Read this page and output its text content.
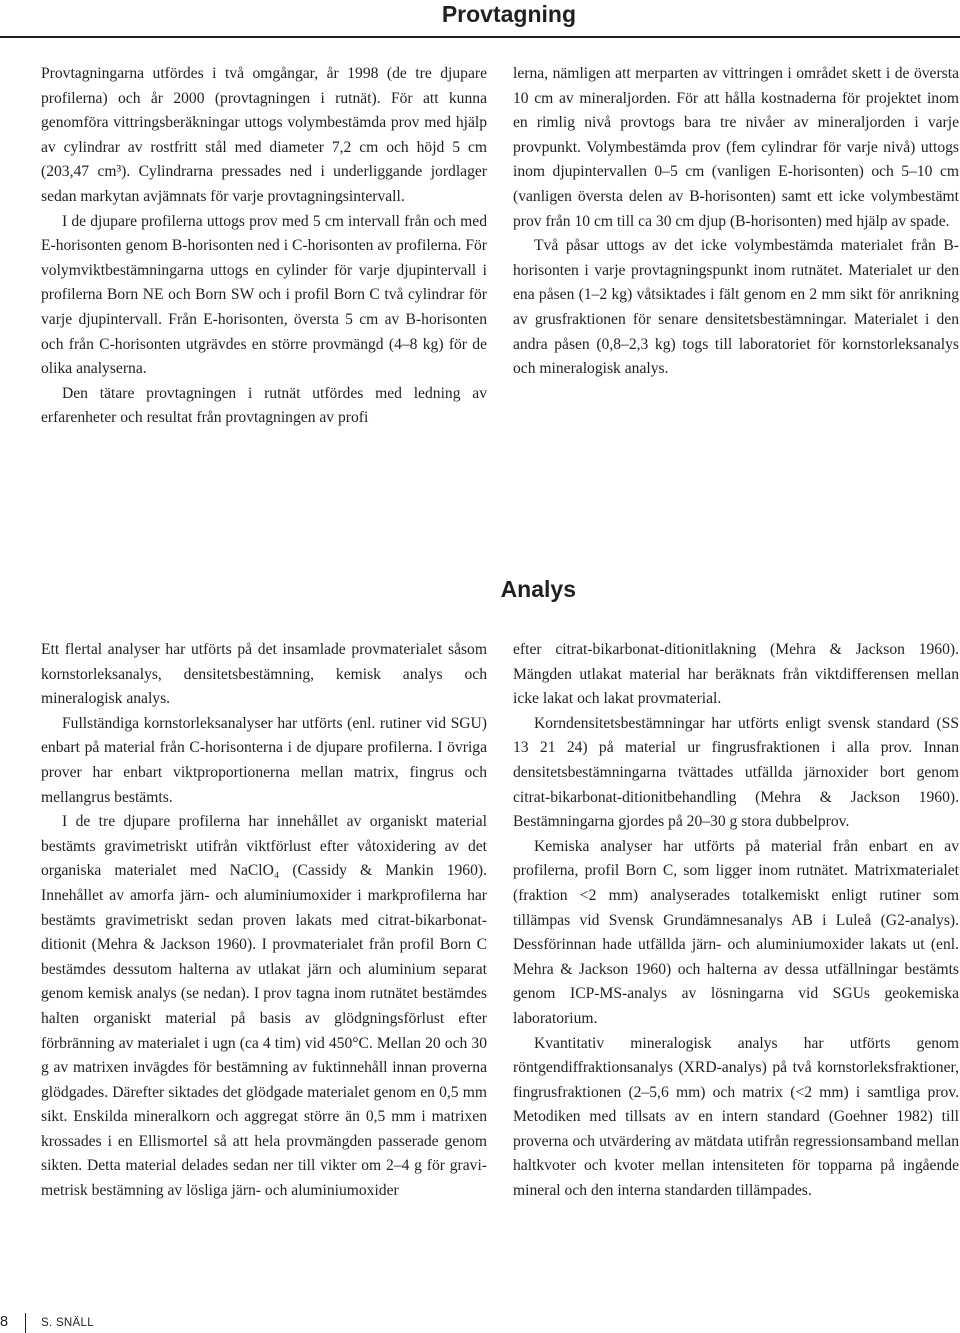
Provtagning

Provtagningarna utfördes i två omgångar, år 1998 (de tre djupare profilerna) och år 2000 (provtagningen i rutnät). För att kunna genomföra vittringsberäkningar uttogs volymbestämda prov med hjälp av cylindrar av rostfritt stål med diameter 7,2 cm och höjd 5 cm (203,47 cm³). Cylindrarna pressades ned i underliggande jordlager sedan markytan avjämnats för varje provtagningsintervall.

I de djupare profilerna uttogs prov med 5 cm intervall från och med E-horisonten genom B-horisonten ned i C-horisonten av profilerna. För volymviktbestämningarna uttogs en cylinder för varje djupintervall i profilerna Born NE och Born SW och i profil Born C två cylindrar för varje djupintervall. Från E-horisonten, översta 5 cm av B-horisonten och från C-horisonten utgrävdes en större provmängd (4–8 kg) för de olika analyserna.

Den tätare provtagningen i rutnät utfördes med ledning av erfarenheter och resultat från provtagningen av profi

lerna, nämligen att merparten av vittringen i området skett i de översta 10 cm av mineraljorden. För att hålla kostnaderna för projektet inom en rimlig nivå provtogs bara tre nivåer av mineraljorden i varje provpunkt. Volymbestämda prov (fem cylindrar för varje nivå) uttogs inom djupintervallen 0–5 cm (vanligen E-horisonten) och 5–10 cm (vanligen översta delen av B-horisonten) samt ett icke volymbestämt prov från 10 cm till ca 30 cm djup (B-horisonten) med hjälp av spade.

Två påsar uttogs av det icke volymbestämda materialet från B-horisonten i varje provtagningspunkt inom rutnätet. Materialet ur den ena påsen (1–2 kg) våtsiktades i fält genom en 2 mm sikt för anrikning av grusfraktionen för senare densitetsbestämningar. Materialet i den andra påsen (0,8–2,3 kg) togs till laboratoriet för kornstorleksanalys och mineralogisk analys.

Analys

Ett flertal analyser har utförts på det insamlade provmaterialet såsom kornstorleksanalys, densitetsbestämning, kemisk analys och mineralogisk analys.

Fullständiga kornstorleksanalyser har utförts (enl. rutiner vid SGU) enbart på material från C-horisonterna i de djupare profilerna. I övriga prover har enbart viktproportionerna mellan matrix, fingrus och mellangrus bestämts.

I de tre djupare profilerna har innehållet av organiskt material bestämts gravimetriskt utifrån viktförlust efter våtoxidering av det organiska materialet med NaClO₄ (Cassidy & Mankin 1960). Innehållet av amorfa järn- och aluminiumoxider i markprofilerna har bestämts gravimetriskt sedan proven lakats med citrat-bikarbonat-ditionit (Mehra & Jackson 1960). I provmaterialet från profil Born C bestämdes dessutom halterna av utlakat järn och aluminium separat genom kemisk analys (se nedan). I prov tagna inom rutnätet bestämdes halten organiskt material på basis av glödgningsförlust efter förbränning av materialet i ugn (ca 4 tim) vid 450°C. Mellan 20 och 30 g av matrixen invägdes för bestämning av fuktinnehåll innan proverna glödgades. Därefter siktades det glödgade materialet genom en 0,5 mm sikt. Enskilda mineralkorn och aggregat större än 0,5 mm i matrixen krossades i en Ellismortel så att hela provmängden passerade genom sikten. Detta material delades sedan ner till vikter om 2–4 g för gravimetrisk bestämning av lösliga järn- och aluminiumoxider

efter citrat-bikarbonat-ditionitlakning (Mehra & Jackson 1960). Mängden utlakat material har beräknats från viktdifferensen mellan icke lakat och lakat provmaterial.

Korndensitetsbestämningar har utförts enligt svensk standard (SS 13 21 24) på material ur fingrusfraktionen i alla prov. Innan densitetsbestämningarna tvättades utfällda järnoxider bort genom citrat-bikarbonat-ditionitbehandling (Mehra & Jackson 1960). Bestämningarna gjordes på 20–30 g stora dubbelprov.

Kemiska analyser har utförts på material från enbart en av profilerna, profil Born C, som ligger inom rutnätet. Matrixmaterialet (fraktion <2 mm) analyserades totalkemiskt enligt rutiner som tillämpas vid Svensk Grundämnesanalys AB i Luleå (G2-analys). Dessförinnan hade utfällda järn- och aluminiumoxider lakats ut (enl. Mehra & Jackson 1960) och halterna av dessa utfällningar bestämts genom ICP-MS-analys av lösningarna vid SGUs geokemiska laboratorium.

Kvantitativ mineralogisk analys har utförts genom röntgendiffraktionsanalys (XRD-analys) på två kornstorleksfraktioner, fingrusfraktionen (2–5,6 mm) och matrix (<2 mm) i samtliga prov. Metodiken med tillsats av en intern standard (Goehner 1982) till proverna och utvärdering av mätdata utifrån regressionsamband mellan haltkvoter och kvoter mellan intensiteten för topparna på ingående mineral och den interna standarden tillämpades.

8	S. SNÄLL
